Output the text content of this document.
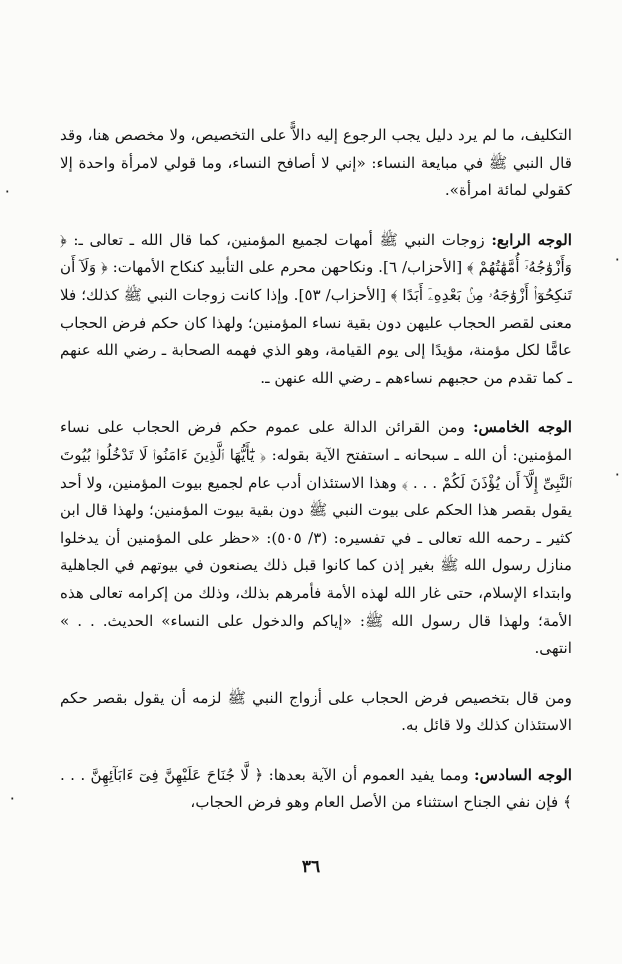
٠
٠
٠
٠

التكليف، ما لم يرد دليل يجب الرجوع إليه دالاًّ على التخصيص، ولا مخصص هنا، وقد قال النبي ﷺ في مبايعة النساء: «إني لا أصافح النساء، وما قولي لامرأة واحدة إلا كقولي لمائة امرأة».

الوجه الرابع: زوجات النبي ﷺ أمهات لجميع المؤمنين، كما قال الله ـ تعالى ـ: ﴿ وَأَزْوَٰجُهُۥٓ أُمَّهَٰتُهُمْ ﴾ [الأحزاب/ ٦]. ونكاحهن محرم على التأبيد كنكاح الأمهات: ﴿ وَلَآ أَن تَنكِحُوٓا۟ أَزْوَٰجَهُۥ مِنۢ بَعْدِهِۦٓ أَبَدًا ﴾ [الأحزاب/ ٥٣]. وإذا كانت زوجات النبي ﷺ كذلك؛ فلا معنى لقصر الحجاب عليهن دون بقية نساء المؤمنين؛ ولهذا كان حكم فرض الحجاب عامًّا لكل مؤمنة، مؤيدًا إلى يوم القيامة، وهو الذي فهمه الصحابة ـ رضي الله عنهم ـ كما تقدم من حجبهم نساءهم ـ رضي الله عنهن ـ.

الوجه الخامس: ومن القرائن الدالة على عموم حكم فرض الحجاب على نساء المؤمنين: أن الله ـ سبحانه ـ استفتح الآية بقوله: ﴿ يَٰٓأَيُّهَا ٱلَّذِينَ ءَامَنُوا۟ لَا تَدْخُلُوا۟ بُيُوتَ ٱلنَّبِىِّ إِلَّآ أَن يُؤْذَنَ لَكُمْ . . . ﴾ وهذا الاستئذان أدب عام لجميع بيوت المؤمنين، ولا أحد يقول بقصر هذا الحكم على بيوت النبي ﷺ دون بقية بيوت المؤمنين؛ ولهذا قال ابن كثير ـ رحمه الله تعالى ـ في تفسيره: (٣/ ٥٠٥): «حظر على المؤمنين أن يدخلوا منازل رسول الله ﷺ بغير إذن كما كانوا قبل ذلك يصنعون في بيوتهم في الجاهلية وابتداء الإسلام، حتى غار الله لهذه الأمة فأمرهم بذلك، وذلك من إكرامه تعالى هذه الأمة؛ ولهذا قال رسول الله ﷺ: «إياكم والدخول على النساء» الحديث. . . » انتهى.

ومن قال بتخصيص فرض الحجاب على أزواج النبي ﷺ لزمه أن يقول بقصر حكم الاستئذان كذلك ولا قائل به.

الوجه السادس: ومما يفيد العموم أن الآية بعدها: ﴿ لَّا جُنَاحَ عَلَيْهِنَّ فِىٓ ءَابَآئِهِنَّ . . . ﴾ فإن نفي الجناح استثناء من الأصل العام وهو فرض الحجاب،

٣٦
